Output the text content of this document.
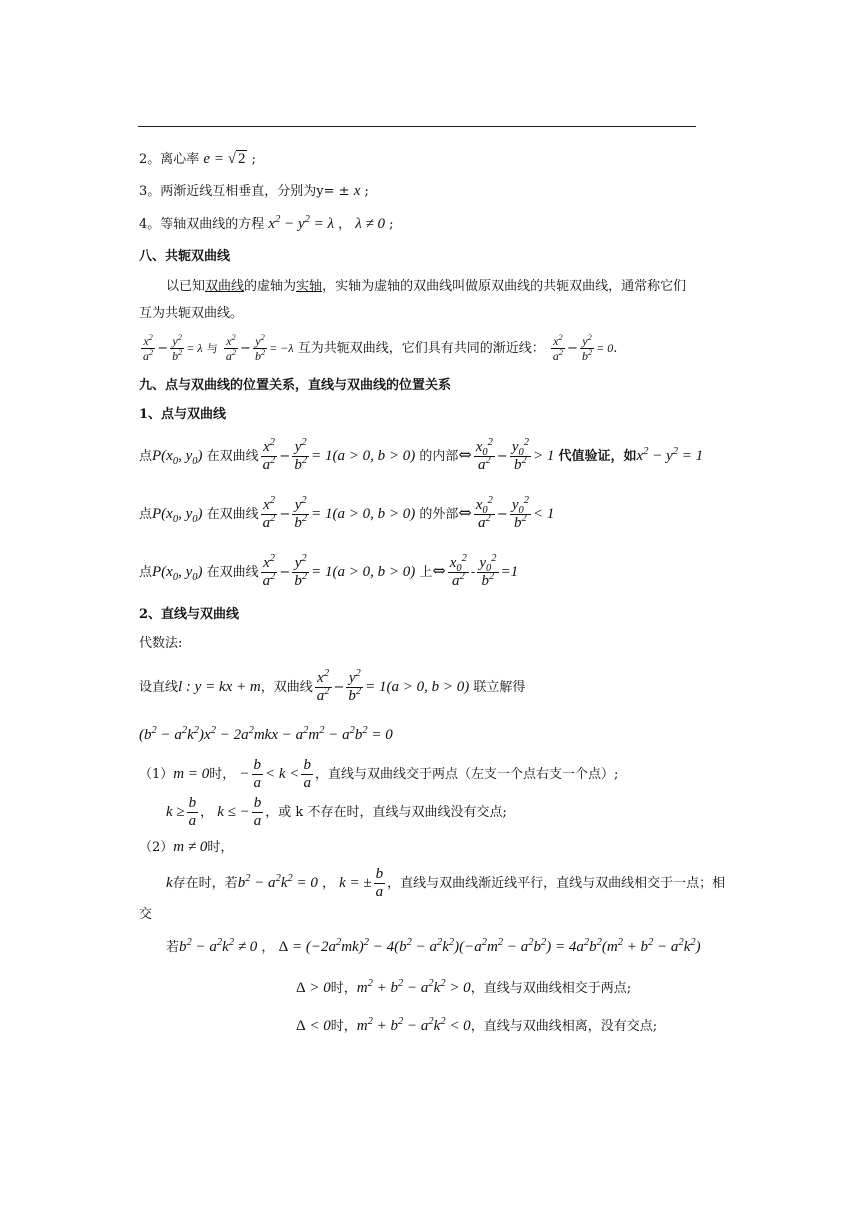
2。离心率 e = √ 2 ;
3。两渐近线互相垂直，分别为y= ± x ;
4。等轴双曲线的方程 $x^2 - y^2 = \lambda$ ， λ ≠ 0 ;
八、共轭双曲线
以已知双曲线的虚轴为实轴，实轴为虚轴的双曲线叫做原双曲线的共轭双曲线，通常称它们
互为共轭双曲线。
$\frac{x^2}{a^2} - \frac{y^2}{b^2} = \lambda$ 与 $\frac{x^2}{a^2} - \frac{y^2}{b^2} = -\lambda$ 互为共轭双曲线，它们具有共同的渐近线： $\frac{x^2}{a^2} - \frac{y^2}{b^2} = 0$.
九、点与双曲线的位置关系，直线与双曲线的位置关系
1、点与双曲线
点$P(x_0$, $y_0$) 在双曲线 $\frac{x^2}{a^2} - \frac{y^2}{b^2} = 1(a > 0$, b > 0) 的内部⇔ $\frac{x_0^2}{a^2} - \frac{y_0^2}{b^2} > 1$ 代值验证，如$x^2 - y^2 = 1$
点$P(x_0$, $y_0$) 在双曲线 $\frac{x^2}{a^2} - \frac{y^2}{b^2} = 1(a > 0$, b > 0) 的外部⇔ $\frac{x_0^2}{a^2} - \frac{y_0^2}{b^2} < 1$
点$P(x_0$, $y_0$) 在双曲线 $\frac{x^2}{a^2} - \frac{y^2}{b^2} = 1(a > 0$, b > 0) 上⇔ $\frac{x_0^2}{a^2} - \frac{y_0^2}{b^2} =1$
2、直线与双曲线
代数法:
设直线l : y = kx + m，双曲线 $\frac{x^2}{a^2} - \frac{y^2}{b^2} = 1(a > 0$, b > 0) 联立解得
$(b^2 - a^2k^2)x^2 - 2a^2mkx - a^2m^2 - a^2b^2 = 0$
（1）m = 0时， − $\frac{b}{a} < k < \frac{b}{a}$ ，直线与双曲线交于两点（左支一个点右支一个点）;
$k \ge \frac{b}{a}$ ， k ≤ − $\frac{b}{a}$ ，或 k 不存在时，直线与双曲线没有交点;
（2）m ≠ 0时，
k存在时，若$b^2 - a^2k^2 = 0$ ， k = ± $\frac{b}{a}$ ，直线与双曲线渐近线平行，直线与双曲线相交于一点；相
交
若$b^2 - a^2k^2 \ne 0$ ， $\Delta = (-2a^2mk)^2 - 4(b^2 - a^2k^2)(-a^2m^2 - a^2b^2) = 4a^2b^2(m^2 + b^2 - a^2k^2)$
Δ > 0时，$m^2 + b^2 - a^2k^2 > 0$，直线与双曲线相交于两点;
Δ < 0时，$m^2 + b^2 - a^2k^2 < 0$，直线与双曲线相离，没有交点;
